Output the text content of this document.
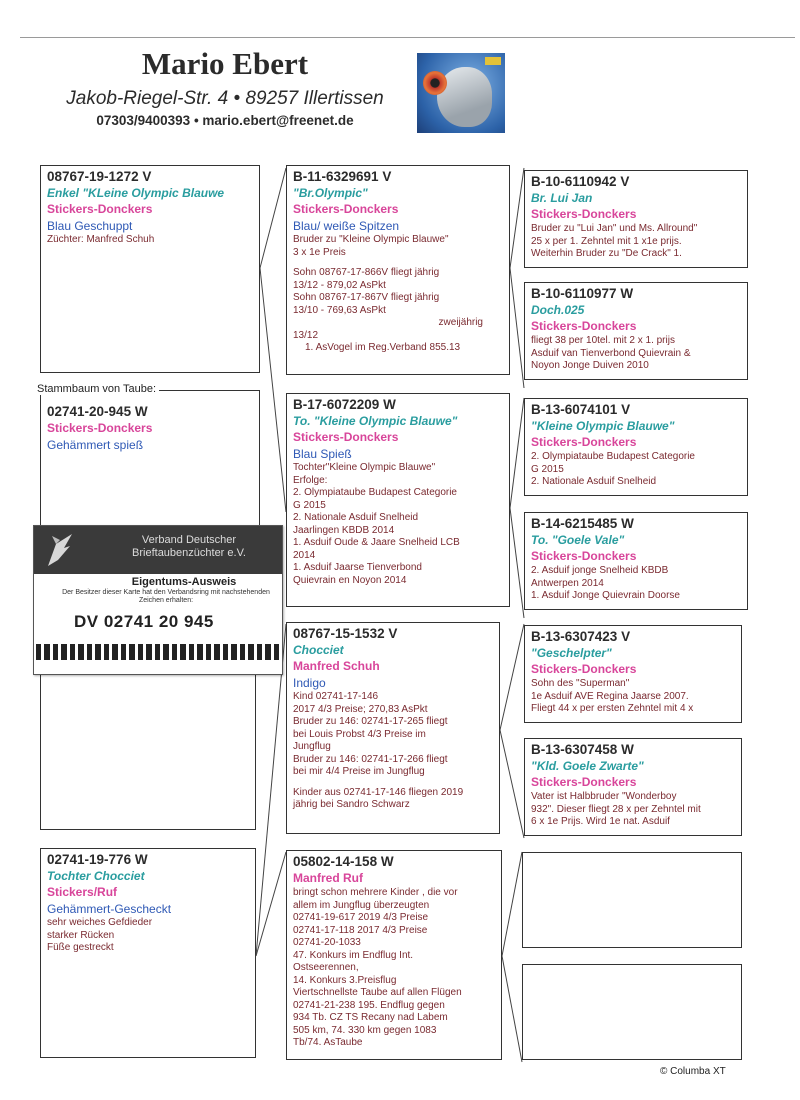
Mario Ebert
Jakob-Riegel-Str. 4 • 89257 Illertissen
07303/9400393 • mario.ebert@freenet.de
08767-19-1272 V
Enkel "KLeine Olympic Blauwe
Stickers-Donckers
Blau Geschuppt
Züchter: Manfred Schuh
02741-20-945 W
Stickers-Donckers
Gehämmert spieß
Stammbaum von Taube:
B-11-6329691 V
"Br.Olympic"
Stickers-Donckers
Blau/ weiße Spitzen
Bruder zu "Kleine Olympic Blauwe"
3 x 1e Preis
Sohn 08767-17-866V fliegt jährig
13/12 - 879,02 AsPkt
Sohn 08767-17-867V fliegt jährig
13/10 - 769,63 AsPkt
zweijährig
13/12
1. AsVogel im Reg.Verband 855.13
B-17-6072209 W
To. "Kleine Olympic Blauwe"
Stickers-Donckers
Blau Spieß
Tochter"Kleine Olympic Blauwe"
Erfolge:
2. Olympiataube Budapest Categorie
G 2015
2. Nationale Asduif Snelheid
Jaarlingen KBDB 2014
1. Asduif Oude & Jaare Snelheid LCB
2014
1. Asduif Jaarse Tienverbond
Quievrain en Noyon 2014
B-10-6110942 V
Br. Lui Jan
Stickers-Donckers
Bruder zu "Lui Jan" und Ms. Allround"
25 x per 1. Zehntel mit 1 x1e prijs.
Weiterhin Bruder zu "De Crack" 1.
B-10-6110977 W
Doch.025
Stickers-Donckers
fliegt 38 per 10tel. mit 2 x 1. prijs
Asduif van Tienverbond Quievrain &
Noyon Jonge Duiven 2010
B-13-6074101 V
"Kleine Olympic Blauwe"
Stickers-Donckers
2. Olympiataube Budapest Categorie
G 2015
2. Nationale Asduif Snelheid
B-14-6215485 W
To. "Goele Vale"
Stickers-Donckers
2. Asduif jonge Snelheid KBDB
Antwerpen 2014
1. Asduif Jonge Quievrain Doorse
08767-15-1532 V
Chocciet
Manfred Schuh
Indigo
Kind 02741-17-146
2017 4/3 Preise; 270,83 AsPkt
Bruder zu 146: 02741-17-265 fliegt
bei Louis Probst 4/3 Preise im
Jungflug
Bruder zu 146: 02741-17-266 fliegt
bei mir 4/4 Preise im Jungflug
Kinder aus 02741-17-146 fliegen 2019
jährig bei Sandro Schwarz
B-13-6307423 V
"Geschelpter"
Stickers-Donckers
Sohn des "Superman"
1e Asduif AVE Regina Jaarse 2007.
Fliegt 44 x per ersten Zehntel mit 4 x
B-13-6307458 W
"Kld. Goele Zwarte"
Stickers-Donckers
Vater ist Halbbruder "Wonderboy
932". Dieser fliegt 28 x per Zehntel mit
6 x 1e Prijs. Wird 1e nat. Asduif
02741-19-776 W
Tochter Chocciet
Stickers/Ruf
Gehämmert-Gescheckt
sehr weiches Gefdieder
starker Rücken
Füße gestreckt
05802-14-158 W
Manfred Ruf
bringt schon mehrere Kinder , die vor
allem im Jungflug überzeugten
02741-19-617 2019 4/3 Preise
02741-17-118 2017 4/3 Preise
02741-20-1033
47. Konkurs im Endflug Int.
Ostseerennen,
14. Konkurs 3.Preisflug
Viertschnellste Taube auf allen Flügen
02741-21-238 195. Endflug gegen
934 Tb. CZ TS Recany nad Labem
505 km, 74. 330 km gegen 1083
Tb/74. AsTaube
Verband Deutscher Brieftaubenzüchter e.V.
Eigentums-Ausweis
Der Besitzer dieser Karte hat den Verbandsring mit nachstehenden Zeichen erhalten:
DV 02741 20 945
© Columba XT
